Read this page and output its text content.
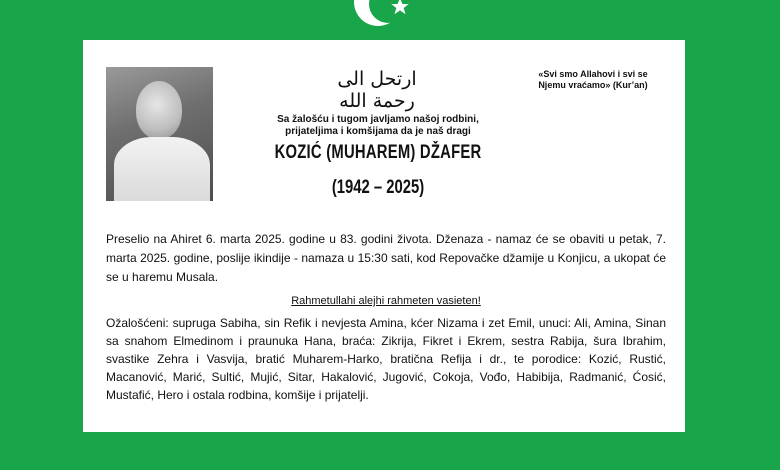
ارتحل الى رحمة الله
«Svi smo Allahovi i svi se
Njemu vraćamo» (Kur’an)
Sa žalošću i tugom javljamo našoj rodbini,
prijateljima i komšijama da je naš dragi
KOZIĆ (MUHAREM) DŽAFER
(1942 – 2025)
Preselio na Ahiret 6. marta 2025. godine u 83. godini života. Dženaza - namaz će se obaviti u petak, 7. marta 2025. godine, poslije ikindije - namaza u 15:30 sati, kod Repovačke džamije u Konjicu, a ukopat će se u haremu Musala.
Rahmetullahi alejhi rahmeten vasieten!
Ožalošćeni: supruga Sabiha, sin Refik i nevjesta Amina, kćer Nizama i zet Emil, unuci: Ali, Amina, Sinan sa snahom Elmedinom i praunuka Hana, braća: Zikrija, Fikret i Ekrem, sestra Rabija, šura Ibrahim, svastike Zehra i Vasvija, bratić Muharem-Harko, bratična Refija i dr., te porodice: Kozić, Rustić, Macanović, Marić, Sultić, Mujić, Sitar, Hakalović, Jugović, Cokoja, Vođo, Habibija, Radmanić, Ćosić, Mustafić, Hero i ostala rodbina, komšije i prijatelji.
